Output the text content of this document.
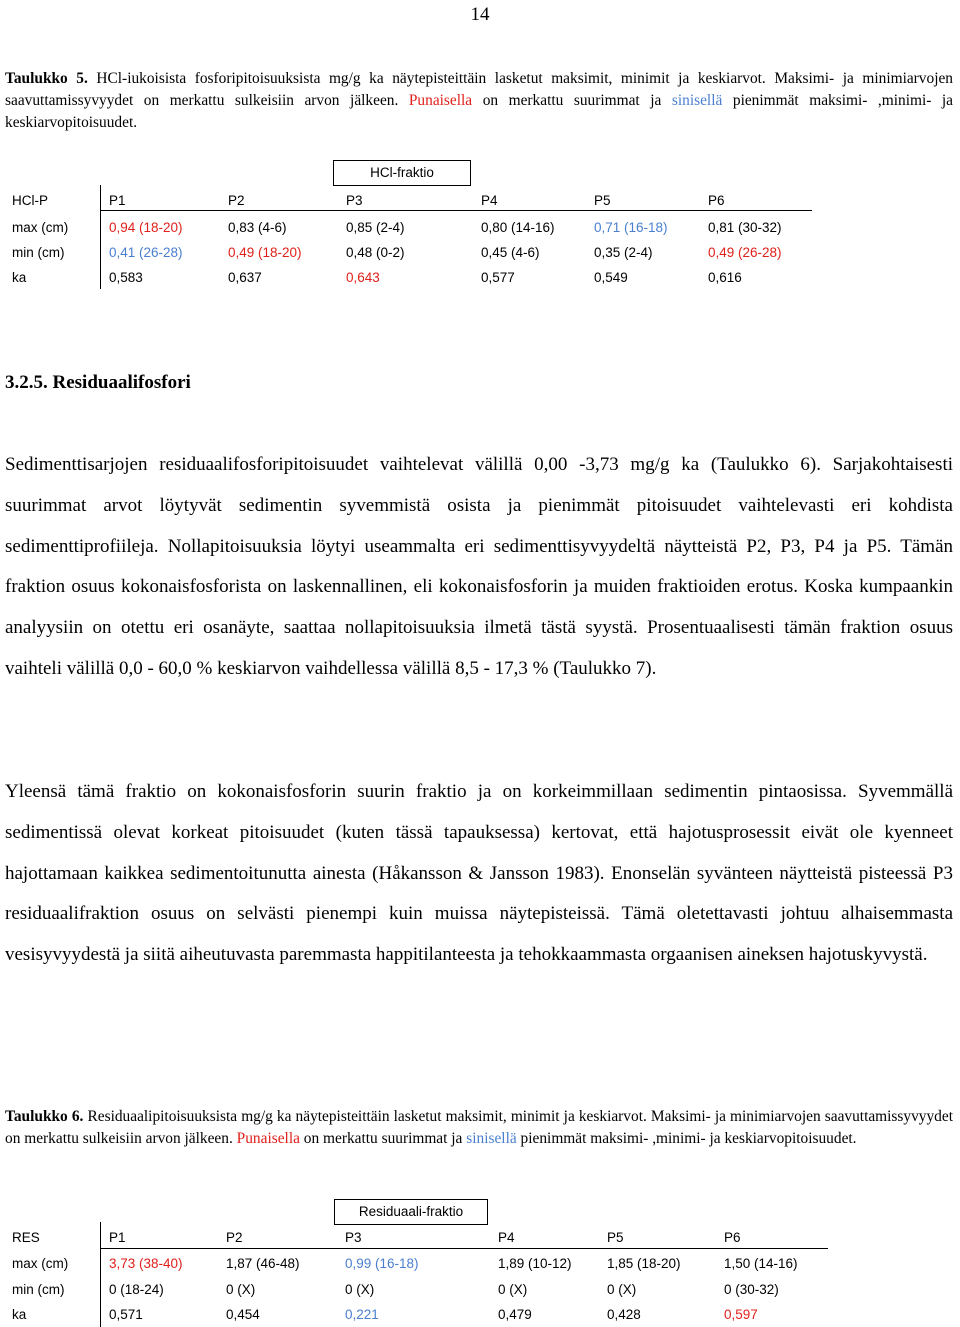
14
Taulukko 5. HCl-iukoisista fosforipitoisuuksista mg/g ka näytepisteittäin lasketut maksimit, minimit ja keskiarvot. Maksimi- ja minimiarvojen saavuttamissyvyydet on merkattu sulkeisiin arvon jälkeen. Punaisella on merkattu suurimmat ja sinisellä pienimmät maksimi- ,minimi- ja keskiarvopitoisuudet.
HCl-fraktio
HCl-P	P1	P2	P3	P4	P5	P6
max (cm)	0,94 (18-20)	0,83 (4-6)	0,85 (2-4)	0,80 (14-16)	0,71 (16-18)	0,81 (30-32)
min (cm)	0,41 (26-28)	0,49 (18-20)	0,48 (0-2)	0,45 (4-6)	0,35 (2-4)	0,49 (26-28)
ka	0,583	0,637	0,643	0,577	0,549	0,616
3.2.5. Residuaalifosfori
Sedimenttisarjojen residuaalifosforipitoisuudet vaihtelevat välillä 0,00 -3,73 mg/g ka (Taulukko 6). Sarjakohtaisesti suurimmat arvot löytyvät sedimentin syvemmistä osista ja pienimmät pitoisuudet vaihtelevasti eri kohdista sedimenttiprofiileja. Nollapitoisuuksia löytyi useammalta eri sedimenttisyvyydeltä näytteistä P2, P3, P4 ja P5. Tämän fraktion osuus kokonaisfosforista on laskennallinen, eli kokonaisfosforin ja muiden fraktioiden erotus. Koska kumpaankin analyysiin on otettu eri osanäyte, saattaa nollapitoisuuksia ilmetä tästä syystä. Prosentuaalisesti tämän fraktion osuus vaihteli välillä 0,0 - 60,0 % keskiarvon vaihdellessa välillä 8,5 - 17,3 % (Taulukko 7).
Yleensä tämä fraktio on kokonaisfosforin suurin fraktio ja on korkeimmillaan sedimentin pintaosissa. Syvemmällä sedimentissä olevat korkeat pitoisuudet (kuten tässä tapauksessa) kertovat, että hajotusprosessit eivät ole kyenneet hajottamaan kaikkea sedimentoitunutta ainesta (Håkansson & Jansson 1983). Enonselän syvänteen näytteistä pisteessä P3 residuaalifraktion osuus on selvästi pienempi kuin muissa näytepisteissä. Tämä oletettavasti johtuu alhaisemmasta vesisyvyydestä ja siitä aiheutuvasta paremmasta happitilanteesta ja tehokkaammasta orgaanisen aineksen hajotuskyvystä.
Taulukko 6. Residuaalipitoisuuksista mg/g ka näytepisteittäin lasketut maksimit, minimit ja keskiarvot. Maksimi- ja minimiarvojen saavuttamissyvyydet on merkattu sulkeisiin arvon jälkeen. Punaisella on merkattu suurimmat ja sinisellä pienimmät maksimi- ,minimi- ja keskiarvopitoisuudet.
Residuaali-fraktio
RES	P1	P2	P3	P4	P5	P6
max (cm)	3,73 (38-40)	1,87 (46-48)	0,99 (16-18)	1,89 (10-12)	1,85 (18-20)	1,50 (14-16)
min (cm)	0 (18-24)	0 (X)	0 (X)	0 (X)	0 (X)	0 (30-32)
ka	0,571	0,454	0,221	0,479	0,428	0,597
